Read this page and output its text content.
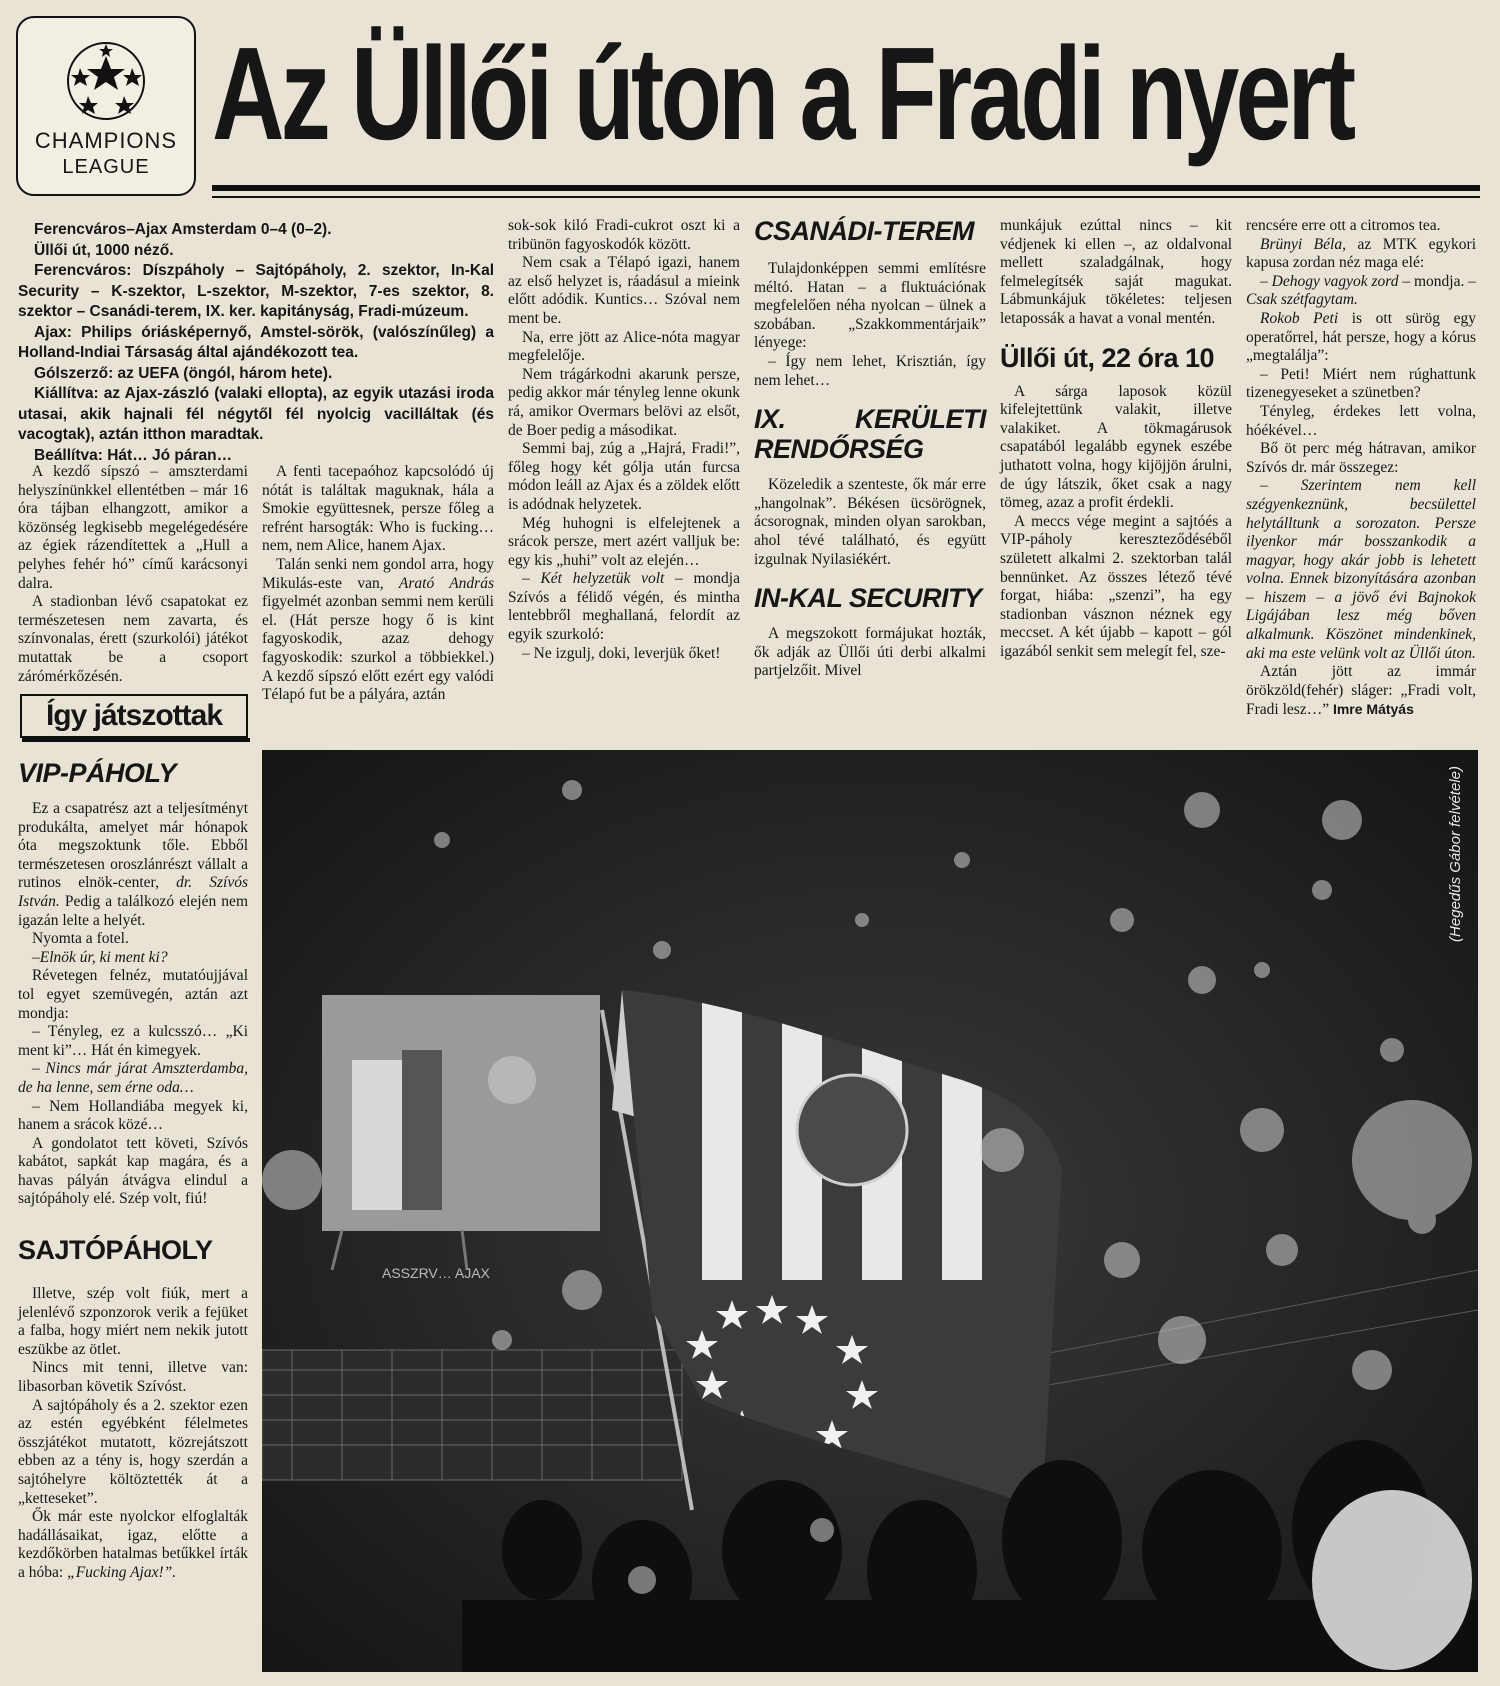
CHAMPIONS
LEAGUE Az Üllői úton a Fradi nyert

Ferencváros–Ajax Amsterdam 0–4 (0–2).

Üllői út, 1000 néző.

Ferencváros: Díszpáholy – Sajtópáholy, 2. szektor, In-Kal Security – K-szektor, L-szektor, M-szektor, 7-es szektor, 8. szektor – Csanádi-terem, IX. ker. kapitányság, Fradi-múzeum.

Ajax: Philips óriásképernyő, Amstel-sörök, (valószínűleg) a Holland-Indiai Társaság által ajándékozott tea.

Gólszerző: az UEFA (öngól, három hete).

Kiállítva: az Ajax-zászló (valaki ellopta), az egyik utazási iroda utasai, akik hajnali fél négytől fél nyolcig vacilláltak (és vacogtak), aztán itthon maradtak.

Beállítva: Hát… Jó páran…

A kezdő sípszó – amszterdami helyszínünkkel ellentétben – már 16 óra tájban elhangzott, amikor a közönség legkisebb megelégedésére az égiek rázendítettek a „Hull a pelyhes fehér hó” című karácsonyi dalra.

A stadionban lévő csapatokat ez természetesen nem zavarta, és színvonalas, érett (szurkolói) játékot mutattak be a csoport zárómérkőzésén.

Így játszottak
VIP-PÁHOLY

Ez a csapatrész azt a teljesítményt produkálta, amelyet már hónapok óta megszoktunk tőle. Ebből természetesen oroszlánrészt vállalt a rutinos elnök-center, dr. Szívós István. Pedig a találkozó elején nem igazán lelte a helyét.

Nyomta a fotel.

–Elnök úr, ki ment ki?

Révetegen felnéz, mutatóujjával tol egyet szemüvegén, aztán azt mondja:

– Tényleg, ez a kulcsszó… „Ki ment ki”… Hát én kimegyek.

– Nincs már járat Amszterdamba, de ha lenne, sem érne oda…

– Nem Hollandiába megyek ki, hanem a srácok közé…

A gondolatot tett követi, Szívós kabátot, sapkát kap magára, és a havas pályán átvágva elindul a sajtópáholy elé. Szép volt, fiú!

SAJTÓPÁHOLY

Illetve, szép volt fiúk, mert a jelenlévő szponzorok verik a fejüket a falba, hogy miért nem nekik jutott eszükbe az ötlet.

Nincs mit tenni, illetve van: libasorban követik Szívóst.

A sajtópáholy és a 2. szektor ezen az estén egyébként félelmetes összjátékot mutatott, közrejátszott ebben az a tény is, hogy szerdán a sajtóhelyre költöztették át a „ketteseket”.

Ők már este nyolckor elfoglalták hadállásaikat, igaz, előtte a kezdőkörben hatalmas betűkkel írták a hóba: „Fucking Ajax!”.

A fenti tacepaóhoz kapcsolódó új nótát is találtak maguknak, hála a Smokie együttesnek, persze főleg a refrént harsogták: Who is fucking… nem, nem Alice, hanem Ajax.

Talán senki nem gondol arra, hogy Mikulás-este van, Arató András figyelmét azonban semmi nem kerüli el. (Hát persze hogy ő is kint fagyoskodik, azaz dehogy fagyoskodik: szurkol a többiekkel.) A kezdő sípszó előtt ezért egy valódi Télapó fut be a pályára, aztán

sok-sok kiló Fradi-cukrot oszt ki a tribünön fagyoskodók között.

Nem csak a Télapó igazi, hanem az első helyzet is, ráadásul a mieink előtt adódik. Kuntics… Szóval nem ment be.

Na, erre jött az Alice-nóta magyar megfelelője.

Nem trágárkodni akarunk persze, pedig akkor már tényleg lenne okunk rá, amikor Overmars belövi az elsőt, de Boer pedig a másodikat.

Semmi baj, zúg a „Hajrá, Fradi!”, főleg hogy két gólja után furcsa módon leáll az Ajax és a zöldek előtt is adódnak helyzetek.

Még huhogni is elfelejtenek a srácok persze, mert azért valljuk be: egy kis „huhi” volt az elején…

– Két helyzetük volt – mondja Szívós a félidő végén, és mintha lentebbről meghallaná, felordít az egyik szurkoló:

– Ne izgulj, doki, leverjük őket!

CSANÁDI-TEREM

Tulajdonképpen semmi említésre méltó. Hatan – a fluktuációnak megfelelően néha nyolcan – ülnek a szobában. „Szakkommentárjaik” lényege:

– Így nem lehet, Krisztián, így nem lehet…

IX. KERÜLETI RENDŐRSÉG

Közeledik a szenteste, ők már erre „hangolnak”. Békésen ücsörögnek, ácsorognak, minden olyan sarokban, ahol tévé található, és együtt izgulnak Nyilasiékért.

IN-KAL SECURITY

A megszokott formájukat hozták, ők adják az Üllői úti derbi alkalmi partjelzőit. Mivel

munkájuk ezúttal nincs – kit védjenek ki ellen –, az oldalvonal mellett szaladgálnak, hogy felmelegítsék saját magukat. Lábmunkájuk tökéletes: teljesen letapossák a havat a vonal mentén.

Üllői út, 22 óra 10

A sárga laposok közül kifelejtettünk valakit, illetve valakiket. A tökmagárusok csapatából legalább egynek eszébe juthatott volna, hogy kijöjjön árulni, de úgy látszik, őket csak a nagy tömeg, azaz a profit érdekli.

A meccs vége megint a sajtóés a VIP-páholy kereszteződéséből született alkalmi 2. szektorban talál bennünket. Az összes létező tévé forgat, hiába: „szenzi”, ha egy stadionban vásznon néznek egy meccset. A két újabb – kapott – gól igazából senkit sem melegít fel, sze-

rencsére erre ott a citromos tea.

Brünyi Béla, az MTK egykori kapusa zordan néz maga elé:

– Dehogy vagyok zord – mondja. – Csak szétfagytam.

Rokob Peti is ott sürög egy operatőrrel, hát persze, hogy a kórus „megtalálja”:

– Peti! Miért nem rúghattunk tizenegyeseket a szünetben?

Tényleg, érdekes lett volna, hóékével…

Bő öt perc még hátravan, amikor Szívós dr. már összegez:

– Szerintem nem kell szégyenkeznünk, becsülettel helytálltunk a sorozaton. Persze ilyenkor már bosszankodik a magyar, hogy akár jobb is lehetett volna. Ennek bizonyítására azonban – hiszem – a jövő évi Bajnokok Ligájában lesz még bőven alkalmunk. Köszönet mindenkinek, aki ma este velünk volt az Üllői úton.

Aztán jött az immár örökzöld(fehér) sláger: „Fradi volt, Fradi lesz…” Imre Mátyás

ASSZRV… AJAX
(Hegedűs Gábor felvétele)
